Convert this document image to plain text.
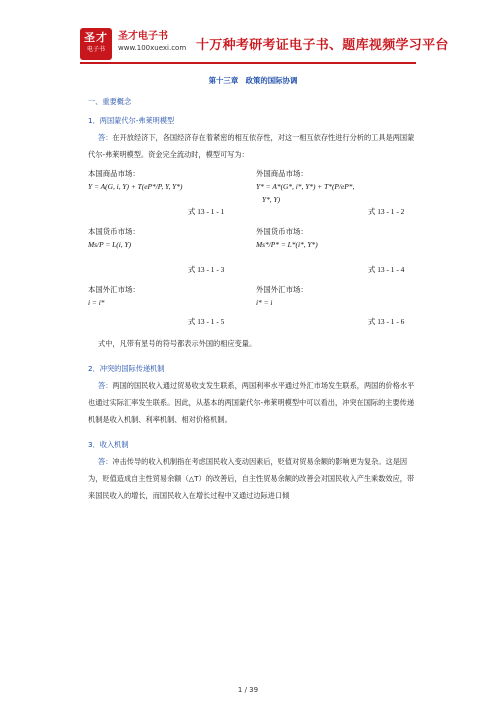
圣才
电子书
圣才电子书
www.100xuexi.com 十万种考研考证电子书、题库视频学习平台
第十三章　政策的国际协调
一、重要概念
1．两国蒙代尔-弗莱明模型
答：在开放经济下，各国经济存在着紧密的相互依存性，对这一相互依存性进行分析的工具是两国蒙代尔-弗莱明模型。资金完全流动时，模型可写为：
本国商品市场：
Y = A(G, i, Y) + T(eP*/P, Y, Y*)
式 13 - 1 - 1
外国商品市场：
Y* = A*(G*, i*, Y*) + T*(P/eP*,
Y*, Y)
式 13 - 1 - 2
本国货币市场：
Ms/P = L(i, Y)
式 13 - 1 - 3
外国货币市场：
Ms*/P* = L*(i*, Y*)
式 13 - 1 - 4
本国外汇市场：
i = i*
式 13 - 1 - 5
外国外汇市场：
i* = i
式 13 - 1 - 6
式中，凡带有星号的符号都表示外国的相应变量。
2．冲突的国际传递机制
答：两国的国民收入通过贸易收支发生联系，两国利率水平通过外汇市场发生联系，两国的价格水平也通过实际汇率发生联系。因此，从基本的两国蒙代尔-弗莱明模型中可以看出，冲突在国际的主要传递机制是收入机制、利率机制、相对价格机制。
3．收入机制
答：冲击传导的收入机制指在考虑国民收入变动因素后，贬值对贸易余额的影响更为复杂。这是因为，贬值造成自主性贸易余额（△T）的改善后，自主性贸易余额的改善会对国民收入产生乘数效应，带来国民收入的增长，而国民收入在增长过程中又通过边际进口倾
1 / 39
